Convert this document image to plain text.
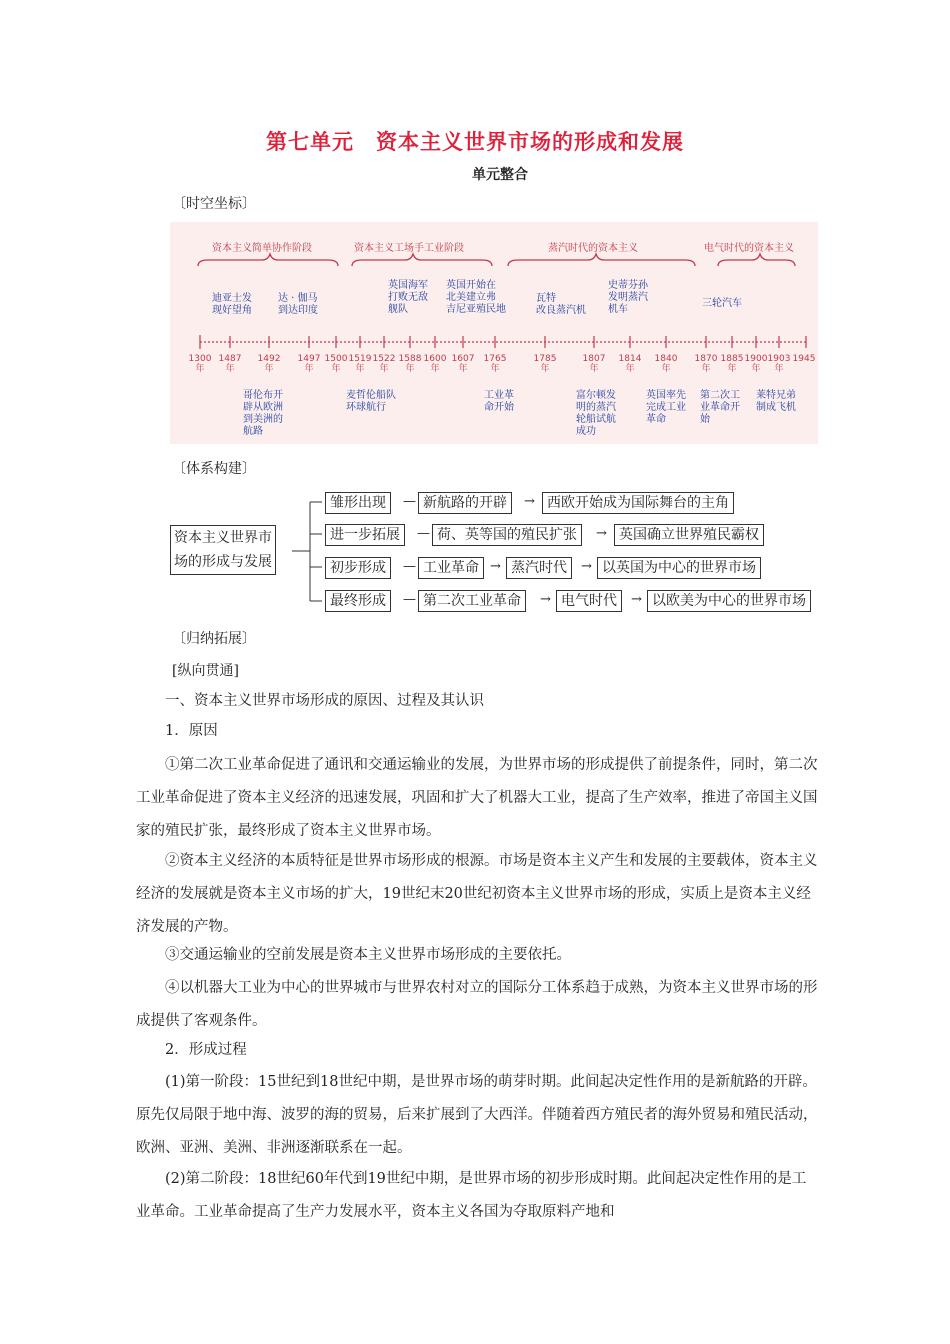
第七单元　资本主义世界市场的形成和发展
单元整合
〔时空坐标〕
资本主义简单协作阶段	资本主义工场手工业阶段	蒸汽时代的资本主义	电气时代的资本主义
迪亚士发
现好望角
达 · 伽马
到达印度
英国海军
打败无敌
舰队
英国开始在
北美建立弗
吉尼亚殖民地
瓦特
改良蒸汽机
史蒂芬孙
发明蒸汽
机车
三轮汽车
1300
年
1487
年
1492
年
1497
年
1500
年
1519
年
1522
年
1588
年
1600
年
1607
年
1765
年
1785
年
1807
年
1814
年
1840
年
1870
年
1885
年
1900
年
1903
年
1945
哥伦布开
辟从欧洲
到美洲的
航路
麦哲伦船队
环球航行
工业革
命开始
富尔顿发
明的蒸汽
轮船试航
成功
英国率先
完成工业
革命
第二次工
业革命开
始
莱特兄弟
制成飞机
〔体系构建〕
资本主义世界市
场的形成与发展
雏形出现	— 新航路的开辟	→ 西欧开始成为国际舞台的主角
进一步拓展	— 荷、英等国的殖民扩张	→ 英国确立世界殖民霸权
初步形成	— 工业革命 → 蒸汽时代	→ 以英国为中心的世界市场
最终形成	— 第二次工业革命	→ 电气时代	→ 以欧美为中心的世界市场
〔归纳拓展〕
[纵向贯通]
一、资本主义世界市场形成的原因、过程及其认识
1．原因
①第二次工业革命促进了通讯和交通运输业的发展，为世界市场的形成提供了前提条件，同时，第二次工业革命促进了资本主义经济的迅速发展，巩固和扩大了机器大工业，提高了生产效率，推进了帝国主义国家的殖民扩张，最终形成了资本主义世界市场。
②资本主义经济的本质特征是世界市场形成的根源。市场是资本主义产生和发展的主要载体，资本主义经济的发展就是资本主义市场的扩大，19世纪末20世纪初资本主义世界市场的形成，实质上是资本主义经济发展的产物。
③交通运输业的空前发展是资本主义世界市场形成的主要依托。
④以机器大工业为中心的世界城市与世界农村对立的国际分工体系趋于成熟，为资本主义世界市场的形成提供了客观条件。
2．形成过程
(1)第一阶段：15世纪到18世纪中期，是世界市场的萌芽时期。此间起决定性作用的是新航路的开辟。原先仅局限于地中海、波罗的海的贸易，后来扩展到了大西洋。伴随着西方殖民者的海外贸易和殖民活动，欧洲、亚洲、美洲、非洲逐渐联系在一起。
(2)第二阶段：18世纪60年代到19世纪中期，是世界市场的初步形成时期。此间起决定性作用的是工业革命。工业革命提高了生产力发展水平，资本主义各国为夺取原料产地和
